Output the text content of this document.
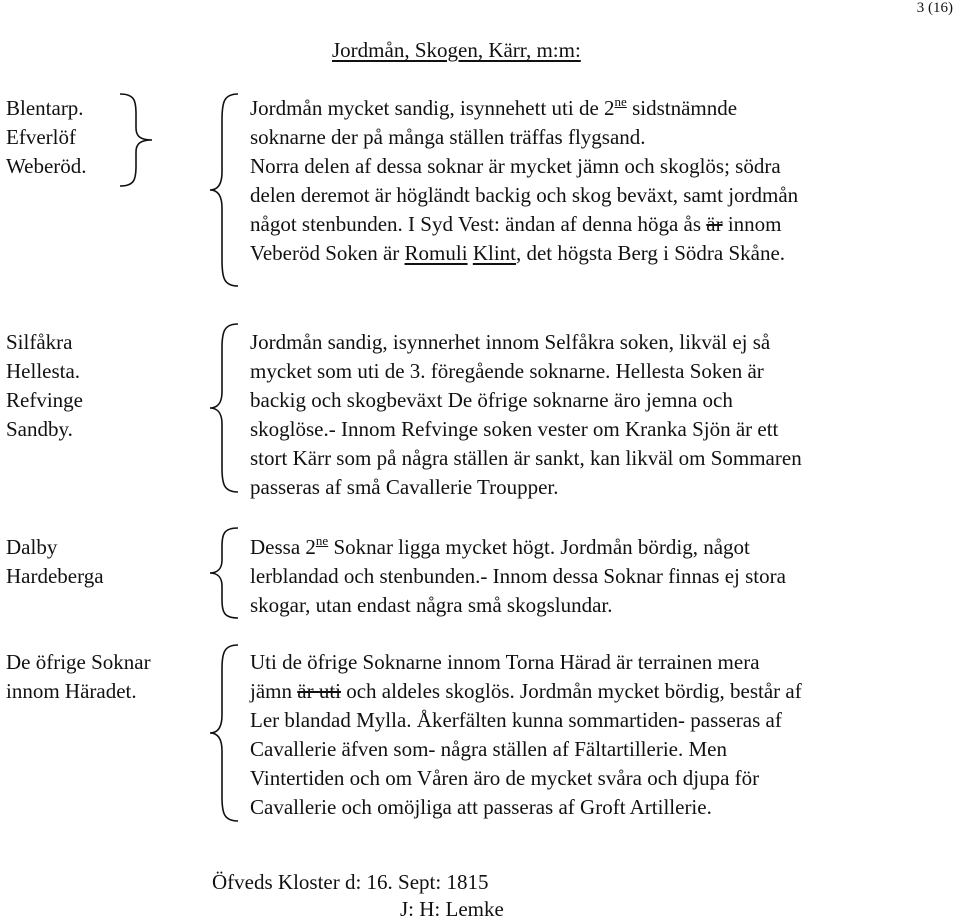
3 (16)
Jordmån, Skogen, Kärr, m:m:
Blentarp.
Efverlöf
Weberöd.
Jordmån mycket sandig, isynnehett uti de $2^{ne}$ sidstnämnde
soknarne der på många ställen träffas flygsand.
Norra delen af dessa soknar är mycket jämn och skoglös; södra
delen deremot är högländt backig och skog beväxt, samt jordmån
något stenbunden. I Syd Vest: ändan af denna höga ås är innom
Veberöd Soken är Romuli Klint, det högsta Berg i Södra Skåne.
Silfåkra
Hellesta.
Refvinge
Sandby.
Jordmån sandig, isynnerhet innom Selfåkra soken, likväl ej så
mycket som uti de 3. föregående soknarne. Hellesta Soken är
backig och skogbeväxt De öfrige soknarne äro jemna och
skoglöse.- Innom Refvinge soken vester om Kranka Sjön är ett
stort Kärr som på några ställen är sankt, kan likväl om Sommaren
passeras af små Cavallerie Troupper.
Dalby
Hardeberga
Dessa $2^{ne}$ Soknar ligga mycket högt. Jordmån bördig, något
lerblandad och stenbunden.- Innom dessa Soknar finnas ej stora
skogar, utan endast några små skogslundar.
De öfrige Soknar
innom Häradet.
Uti de öfrige Soknarne innom Torna Härad är terrainen mera
jämn är uti och aldeles skoglös. Jordmån mycket bördig, består af
Ler blandad Mylla. Åkerfälten kunna sommartiden- passeras af
Cavallerie äfven som- några ställen af Fältartillerie. Men
Vintertiden och om Våren äro de mycket svåra och djupa för
Cavallerie och omöjliga att passeras af Groft Artillerie.
Öfveds Kloster d: 16. Sept: 1815
J: H: Lemke
